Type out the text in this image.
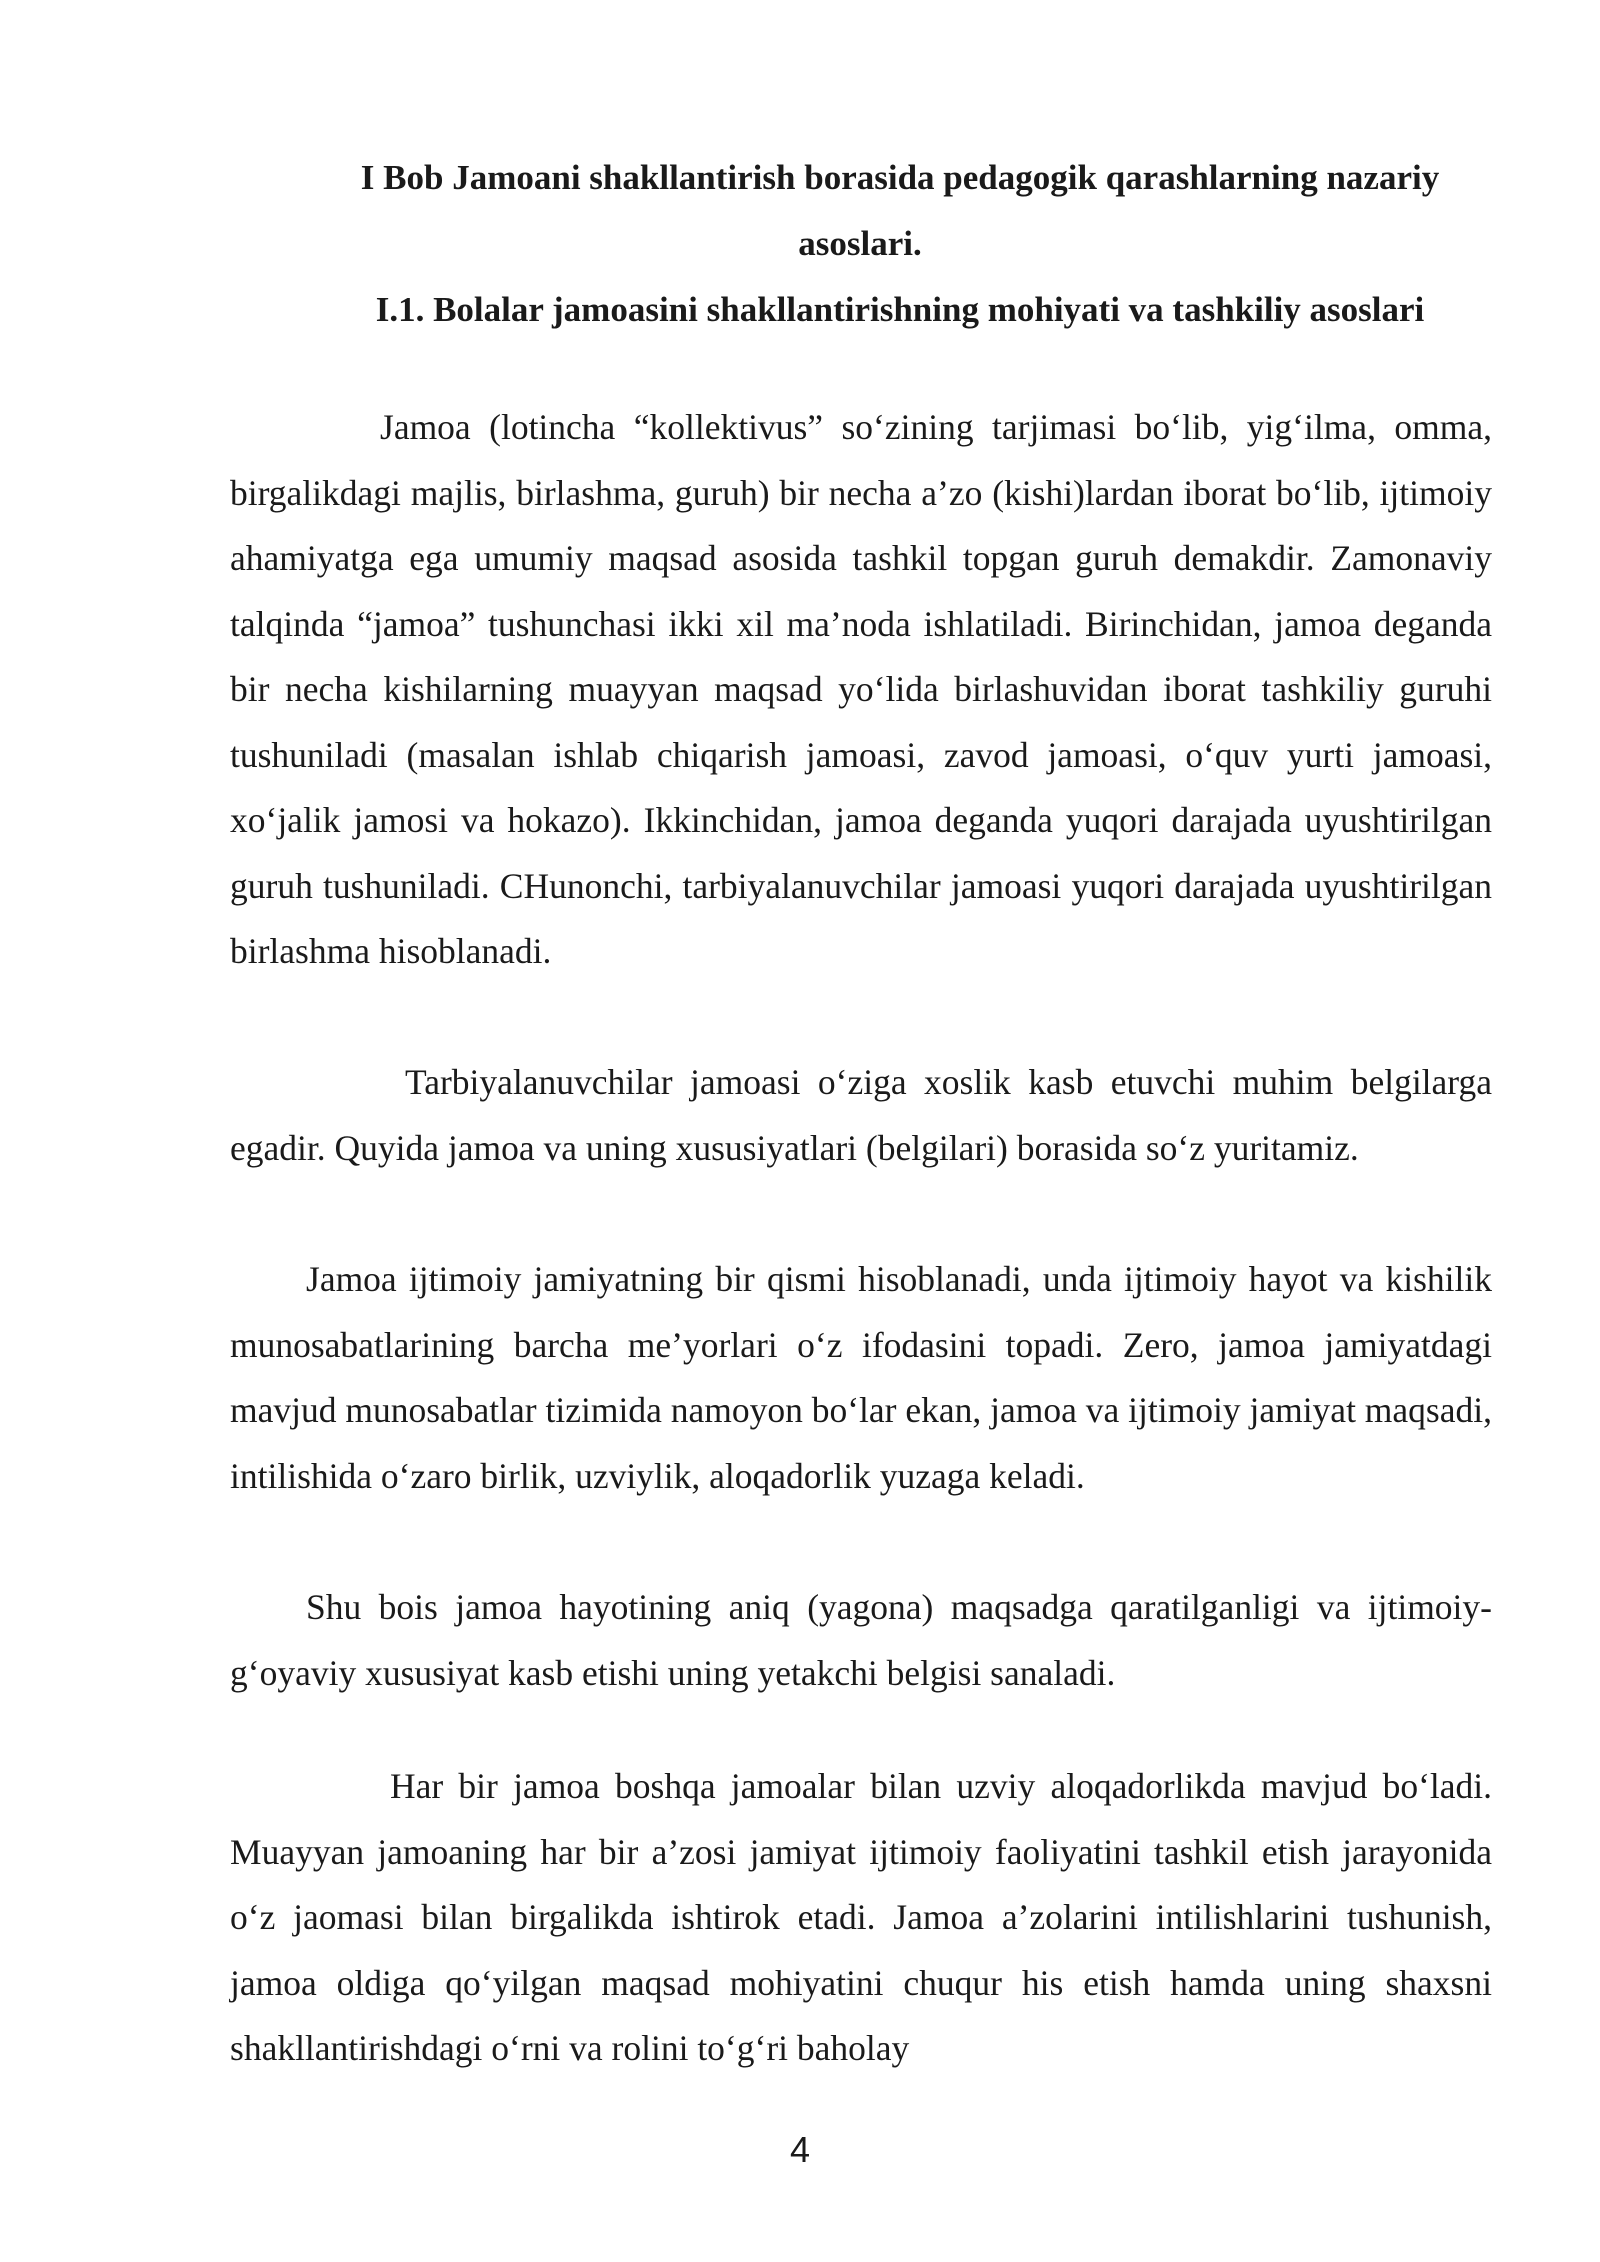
I Bob Jamoani shakllantirish borasida pedagogik qarashlarning nazariy
asoslari.
I.1. Bolalar jamoasini shakllantirishning mohiyati va tashkiliy asoslari

Jamoa (lotincha “kollektivus” so‘zining tarjimasi bo‘lib, yig‘ilma, omma, birgalikdagi majlis, birlashma, guruh) bir necha a’zo (kishi)lardan iborat bo‘lib, ijtimoiy ahamiyatga ega umumiy maqsad asosida tashkil topgan guruh demakdir. Zamonaviy talqinda “jamoa” tushunchasi ikki xil ma’noda ishlatiladi. Birinchidan, jamoa deganda bir necha kishilarning muayyan maqsad yo‘lida birlashuvidan iborat tashkiliy guruhi tushuniladi (masalan ishlab chiqarish jamoasi, zavod jamoasi, o‘quv yurti jamoasi, xo‘jalik jamosi va hokazo). Ikkinchidan, jamoa deganda yuqori darajada uyushtirilgan guruh tushuniladi. CHunonchi, tarbiyalanuvchilar jamoasi yuqori darajada uyushtirilgan birlashma hisoblanadi.

Tarbiyalanuvchilar jamoasi o‘ziga xoslik kasb etuvchi muhim belgilarga egadir. Quyida jamoa va uning xususiyatlari (belgilari) borasida so‘z yuritamiz.

Jamoa ijtimoiy jamiyatning bir qismi hisoblanadi, unda ijtimoiy hayot va kishilik munosabatlarining barcha me’yorlari o‘z ifodasini topadi. Zero, jamoa jamiyatdagi mavjud munosabatlar tizimida namoyon bo‘lar ekan, jamoa va ijtimoiy jamiyat maqsadi, intilishida o‘zaro birlik, uzviylik, aloqadorlik yuzaga keladi.

Shu bois jamoa hayotining aniq (yagona) maqsadga qaratilganligi va ijtimoiy-g‘oyaviy xususiyat kasb etishi uning yetakchi belgisi sanaladi.

Har bir jamoa boshqa jamoalar bilan uzviy aloqadorlikda mavjud bo‘ladi. Muayyan jamoaning har bir a’zosi jamiyat ijtimoiy faoliyatini tashkil etish jarayonida o‘z jaomasi bilan birgalikda ishtirok etadi. Jamoa a’zolarini intilishlarini tushunish, jamoa oldiga qo‘yilgan maqsad mohiyatini chuqur his etish hamda uning shaxsni shakllantirishdagi o‘rni va rolini to‘g‘ri baholay

4
